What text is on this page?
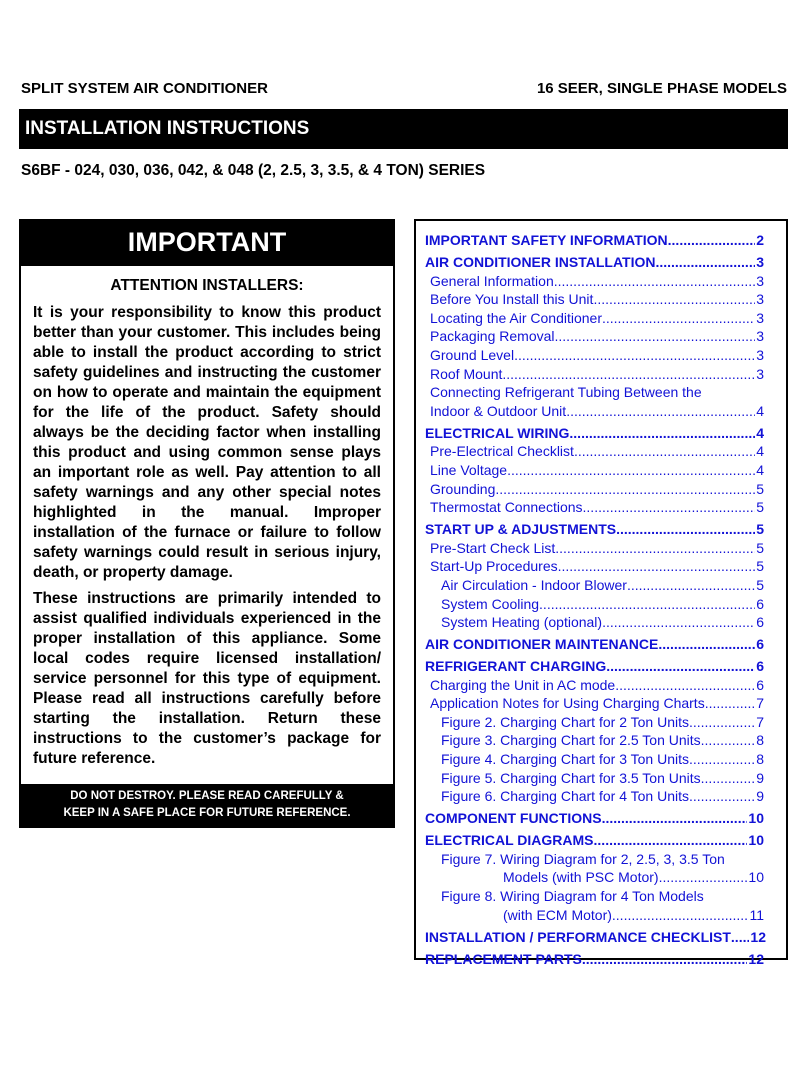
SPLIT SYSTEM AIR CONDITIONER	16 SEER, SINGLE PHASE MODELS
INSTALLATION INSTRUCTIONS
S6BF - 024, 030, 036, 042, & 048 (2, 2.5, 3, 3.5, & 4 TON) SERIES
IMPORTANT
ATTENTION INSTALLERS:
It is your responsibility to know this product better than your customer. This includes being able to install the product according to strict safety guidelines and instructing the customer on how to operate and maintain the equipment for the life of the product. Safety should always be the deciding factor when installing this product and using common sense plays an important role as well. Pay attention to all safety warnings and any other special notes highlighted in the manual. Improper installation of the furnace or failure to follow safety warnings could result in serious injury, death, or property damage.
These instructions are primarily intended to assist qualified individuals experienced in the proper installation of this appliance. Some local codes require licensed installation/ service personnel for this type of equipment. Please read all instructions carefully before starting the installation. Return these instructions to the customer’s package for future reference.
DO NOT DESTROY. PLEASE READ CAREFULLY &
KEEP IN A SAFE PLACE FOR FUTURE REFERENCE.
IMPORTANT SAFETY INFORMATION .....	2
AIR CONDITIONER INSTALLATION .....	3
General Information .....	3
Before You Install this Unit .....	3
Locating the Air Conditioner .....	3
Packaging Removal .....	3
Ground Level .....	3
Roof Mount .....	3
Connecting Refrigerant Tubing Between the
Indoor & Outdoor Unit .....	4
ELECTRICAL WIRING .....	4
Pre-Electrical Checklist .....	4
Line Voltage .....	4
Grounding .....	5
Thermostat Connections .....	5
START UP & ADJUSTMENTS .....	5
Pre-Start Check List .....	5
Start-Up Procedures .....	5
Air Circulation - Indoor Blower .....	5
System Cooling .....	6
System Heating (optional) .....	6
AIR CONDITIONER MAINTENANCE .....	6
REFRIGERANT CHARGING .....	6
Charging the Unit in AC mode .....	6
Application Notes for Using Charging Charts .....	7
Figure 2. Charging Chart for 2 Ton Units .....	7
Figure 3. Charging Chart for 2.5 Ton Units .....	8
Figure 4. Charging Chart for 3 Ton Units .....	8
Figure 5. Charging Chart for 3.5 Ton Units .....	9
Figure 6. Charging Chart for 4 Ton Units .....	9
COMPONENT FUNCTIONS .....	10
ELECTRICAL DIAGRAMS .....	10
Figure 7. Wiring Diagram for 2, 2.5, 3, 3.5 Ton
Models (with PSC Motor) .....	10
Figure 8. Wiring Diagram for 4 Ton Models
(with ECM Motor) .....	11
INSTALLATION / PERFORMANCE CHECKLIST ..... 12
REPLACEMENT PARTS .....	12
